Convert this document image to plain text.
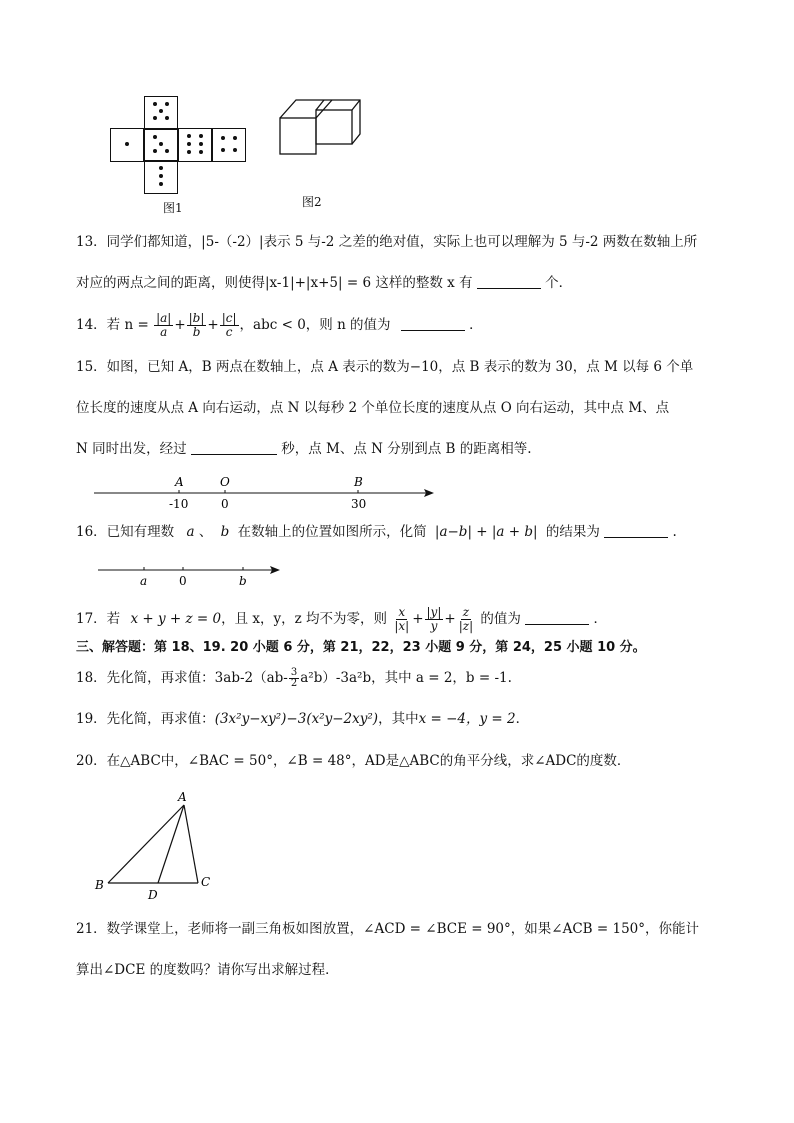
图1	图2
13．同学们都知道，|5-（-2）|表示 5 与-2 之差的绝对值，实际上也可以理解为 5 与-2 两数在数轴上所
对应的两点之间的距离，则使得|x-1|+|x+5| = 6 这样的整数 x 有	个．
14．若 $n = \frac{|a|}{a} + \frac{|b|}{b} + \frac{|c|}{c}$ ，abc < 0，则 n 的值为	．
15．如图，已知 A，B 两点在数轴上，点 A 表示的数为−10，点 B 表示的数为 30，点 M 以每 6 个单
位长度的速度从点 A 向右运动，点 N 以每秒 2 个单位长度的速度从点 O 向右运动，其中点 M、点
N 同时出发，经过	秒，点 M、点 N 分别到点 B 的距离相等.
A	O	B
-10	0	30
16．已知有理数 a 、 b 在数轴上的位置如图所示，化简 |a−b| + |a + b| 的结果为	.
a	0	b
17．若 x + y + z = 0，且 x，y，z 均不为零，则 $\frac{x}{|x|} + \frac{|y|}{y} + \frac{z}{|z|}$ 的值为	．
三、解答题：第 18、19. 20 小题 6 分，第 21，22，23 小题 9 分，第 24，25 小题 10 分。
18．先化简，再求值：$3ab-2(ab- \frac{3}{2} a^2b)-3a^2b$，其中 a = 2，b = -1.
19．先化简，再求值：(3x²y−xy²)−3(x²y−2xy²)，其中x = −4，y = 2．
20．在△ABC中，∠BAC = 50°，∠B = 48°，AD是△ABC的角平分线，求∠ADC的度数．
A
B	C
D
21．数学课堂上，老师将一副三角板如图放置，∠ACD = ∠BCE = 90°，如果∠ACB = 150°，你能计
算出∠DCE 的度数吗？请你写出求解过程．
